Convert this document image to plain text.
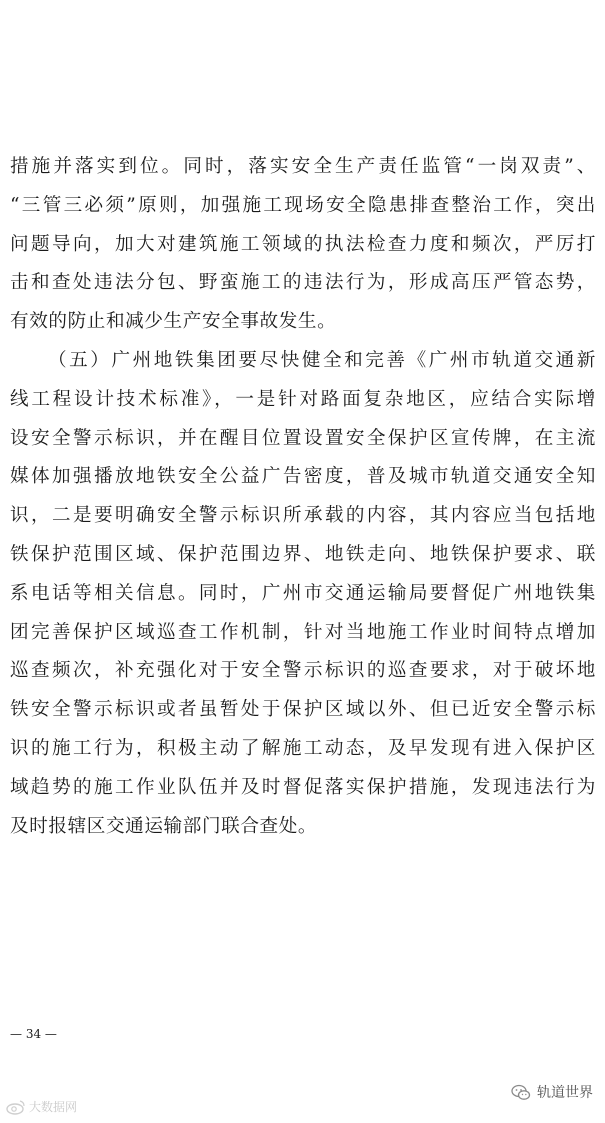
措施并落实到位。同时，落实安全生产责任监管“一岗双责”、
“三管三必须”原则，加强施工现场安全隐患排查整治工作，突出
问题导向，加大对建筑施工领域的执法检查力度和频次，严厉打
击和查处违法分包、野蛮施工的违法行为，形成高压严管态势，
有效的防止和减少生产安全事故发生。
（五）广州地铁集团要尽快健全和完善《广州市轨道交通新
线工程设计技术标准》，一是针对路面复杂地区，应结合实际增
设安全警示标识，并在醒目位置设置安全保护区宣传牌，在主流
媒体加强播放地铁安全公益广告密度，普及城市轨道交通安全知
识，二是要明确安全警示标识所承载的内容，其内容应当包括地
铁保护范围区域、保护范围边界、地铁走向、地铁保护要求、联
系电话等相关信息。同时，广州市交通运输局要督促广州地铁集
团完善保护区域巡查工作机制，针对当地施工作业时间特点增加
巡查频次，补充强化对于安全警示标识的巡查要求，对于破坏地
铁安全警示标识或者虽暂处于保护区域以外、但已近安全警示标
识的施工行为，积极主动了解施工动态，及早发现有进入保护区
域趋势的施工作业队伍并及时督促落实保护措施，发现违法行为
及时报辖区交通运输部门联合查处。
— 34 —
大数据网
轨道世界
